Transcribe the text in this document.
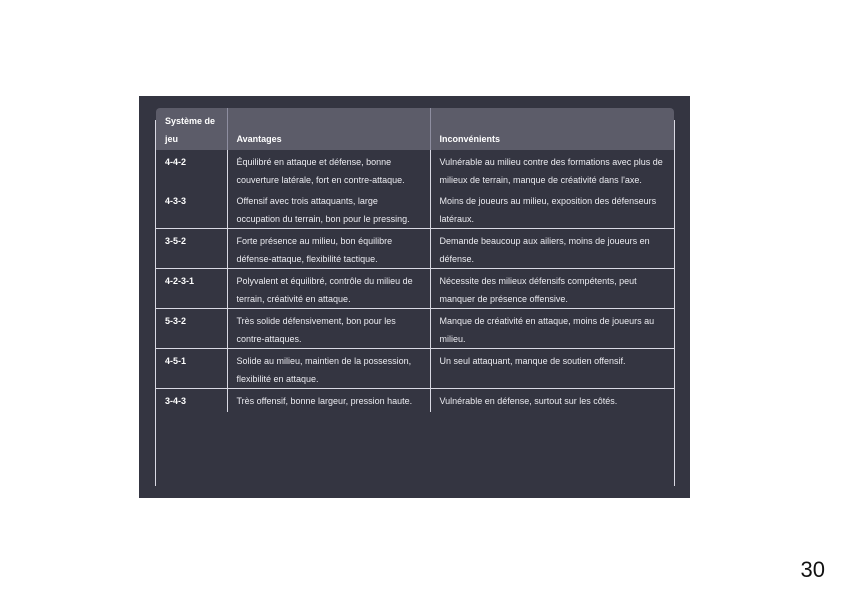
Système de jeu	Avantages	Inconvénients
4-4-2	Équilibré en attaque et défense, bonne couverture latérale, fort en contre-attaque.	Vulnérable au milieu contre des formations avec plus de milieux de terrain, manque de créativité dans l'axe.
4-3-3	Offensif avec trois attaquants, large occupation du terrain, bon pour le pressing.	Moins de joueurs au milieu, exposition des défenseurs latéraux.
3-5-2	Forte présence au milieu, bon équilibre défense-attaque, flexibilité tactique.	Demande beaucoup aux ailiers, moins de joueurs en défense.
4-2-3-1	Polyvalent et équilibré, contrôle du milieu de terrain, créativité en attaque.	Nécessite des milieux défensifs compétents, peut manquer de présence offensive.
5-3-2	Très solide défensivement, bon pour les contre-attaques.	Manque de créativité en attaque, moins de joueurs au milieu.
4-5-1	Solide au milieu, maintien de la possession, flexibilité en attaque.	Un seul attaquant, manque de soutien offensif.
3-4-3	Très offensif, bonne largeur, pression haute.	Vulnérable en défense, surtout sur les côtés.
30
